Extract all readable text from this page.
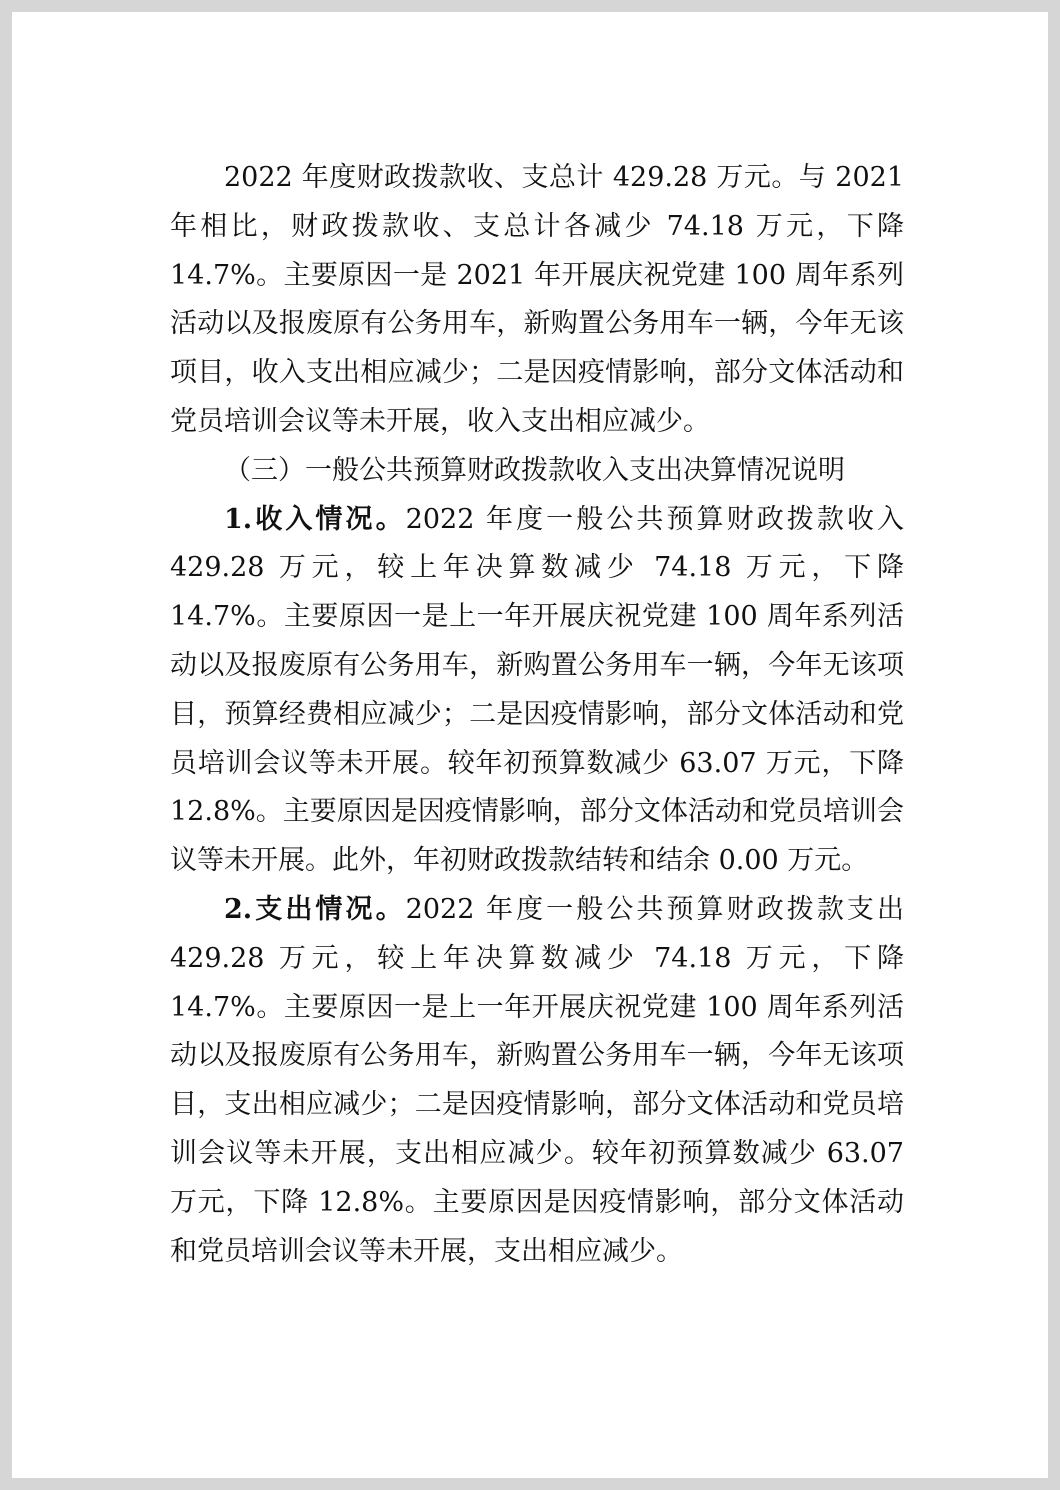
2022 年度财政拨款收、支总计 429.28 万元。与 2021 年相比，财政拨款收、支总计各减少 74.18 万元，下降 14.7%。主要原因一是 2021 年开展庆祝党建 100 周年系列活动以及报废原有公务用车，新购置公务用车一辆，今年无该项目，收入支出相应减少；二是因疫情影响，部分文体活动和党员培训会议等未开展，收入支出相应减少。

（三）一般公共预算财政拨款收入支出决算情况说明

1.收入情况。2022 年度一般公共预算财政拨款收入 429.28 万元，较上年决算数减少 74.18 万元，下降 14.7%。主要原因一是上一年开展庆祝党建 100 周年系列活动以及报废原有公务用车，新购置公务用车一辆，今年无该项目，预算经费相应减少；二是因疫情影响，部分文体活动和党员培训会议等未开展。较年初预算数减少 63.07 万元，下降 12.8%。主要原因是因疫情影响，部分文体活动和党员培训会议等未开展。此外，年初财政拨款结转和结余 0.00 万元。

2.支出情况。2022 年度一般公共预算财政拨款支出 429.28 万元，较上年决算数减少 74.18 万元，下降 14.7%。主要原因一是上一年开展庆祝党建 100 周年系列活动以及报废原有公务用车，新购置公务用车一辆，今年无该项目，支出相应减少；二是因疫情影响，部分文体活动和党员培训会议等未开展，支出相应减少。较年初预算数减少 63.07 万元，下降 12.8%。主要原因是因疫情影响，部分文体活动和党员培训会议等未开展，支出相应减少。
